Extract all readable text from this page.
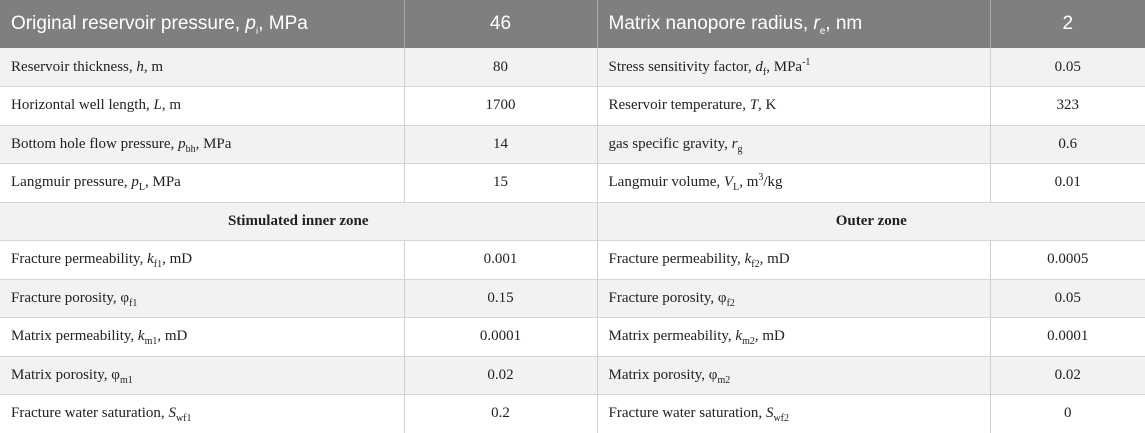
Original reservoir pressure, $p_i$, MPa	46	Matrix nanopore radius, $r_e$, nm	2
Reservoir thickness, h, m	80	Stress sensitivity factor, $d_f$, MPa$^{-1}$	0.05
Horizontal well length, L, m	1700	Reservoir temperature, T, K	323
Bottom hole flow pressure, $p_{bh}$, MPa	14	gas specific gravity, $r_g$	0.6
Langmuir pressure, $p_L$, MPa	15	Langmuir volume, $V_L$, $m^3/kg$	0.01
Stimulated inner zone		Outer zone	
Fracture permeability, $k_{f1}$, mD	0.001	Fracture permeability, $k_{f2}$, mD	0.0005
Fracture porosity, $\varphi_{f1}$	0.15	Fracture porosity, $\varphi_{f2}$	0.05
Matrix permeability, $k_{m1}$, mD	0.0001	Matrix permeability, $k_{m2}$, mD	0.0001
Matrix porosity, $\varphi_{m1}$	0.02	Matrix porosity, $\varphi_{m2}$	0.02
Fracture water saturation, $S_{wf1}$	0.2	Fracture water saturation, $S_{wf2}$	0
